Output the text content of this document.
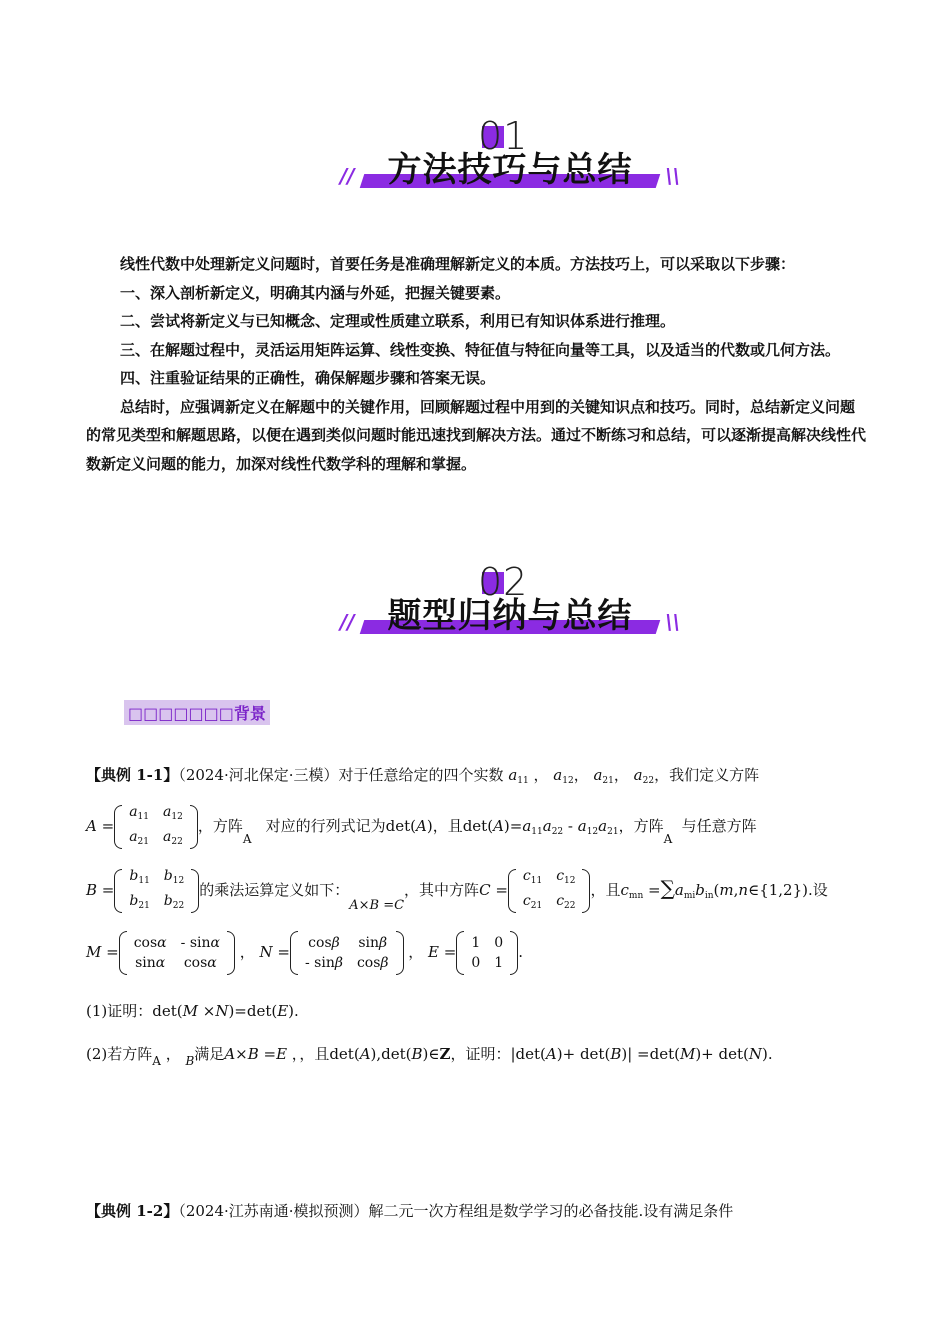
01
方法技巧与总结
//	\\

线性代数中处理新定义问题时，首要任务是准确理解新定义的本质。方法技巧上，可以采取以下步骤：

一、深入剖析新定义，明确其内涵与外延，把握关键要素。

二、尝试将新定义与已知概念、定理或性质建立联系，利用已有知识体系进行推理。

三、在解题过程中，灵活运用矩阵运算、线性变换、特征值与特征向量等工具，以及适当的代数或几何方法。

四、注重验证结果的正确性，确保解题步骤和答案无误。

总结时，应强调新定义在解题中的关键作用，回顾解题过程中用到的关键知识点和技巧。同时，总结新定义问题的常见类型和解题思路，以便在遇到类似问题时能迅速找到解决方法。通过不断练习和总结，可以逐渐提高解决线性代数新定义问题的能力，加深对线性代数学科的理解和掌握。

02
题型归纳与总结
//	\\
□□□□□□□背景
【典例 1-1】（2024·河北保定·三模）对于任意给定的四个实数 $a_{11}$ ， $a_{12}$， $a_{21}$， $a_{22}$，我们定义方阵
A =
$a_{11}$	$a_{12}$
$a_{21}$	$a_{22}$
，方阵A 对应的行列式记为det(A)，且$\det(A)=a_{11}a_{22} - a_{12}a_{21}$，方阵A与任意方阵
B =
$b_{11}$	$b_{12}$
$b_{21}$	$b_{22}$
的乘法运算定义如下：A×B =C，其中方阵C =
$c_{11}$	$c_{12}$
$c_{21}$	$c_{22}$
，且$c_{mn}$ $=\sum a_{mi}b_{in}(m,n\in\{1,2\})$.设
M = cosα	- sinα
sinα	cosα
， N = cosβ	sinβ
- sinβ	cosβ
， E = 1	0
0	1
.
(1)证明：det(M ×N)=det(E).
(2)若方阵$_A$ ， $_B$满足A×B =E ，，且det(A),det(B)∈Z，证明：|det(A)+ det(B)| =det(M)+ det(N).
【典例 1-2】（2024·江苏南通·模拟预测）解二元一次方程组是数学学习的必备技能.设有满足条件
